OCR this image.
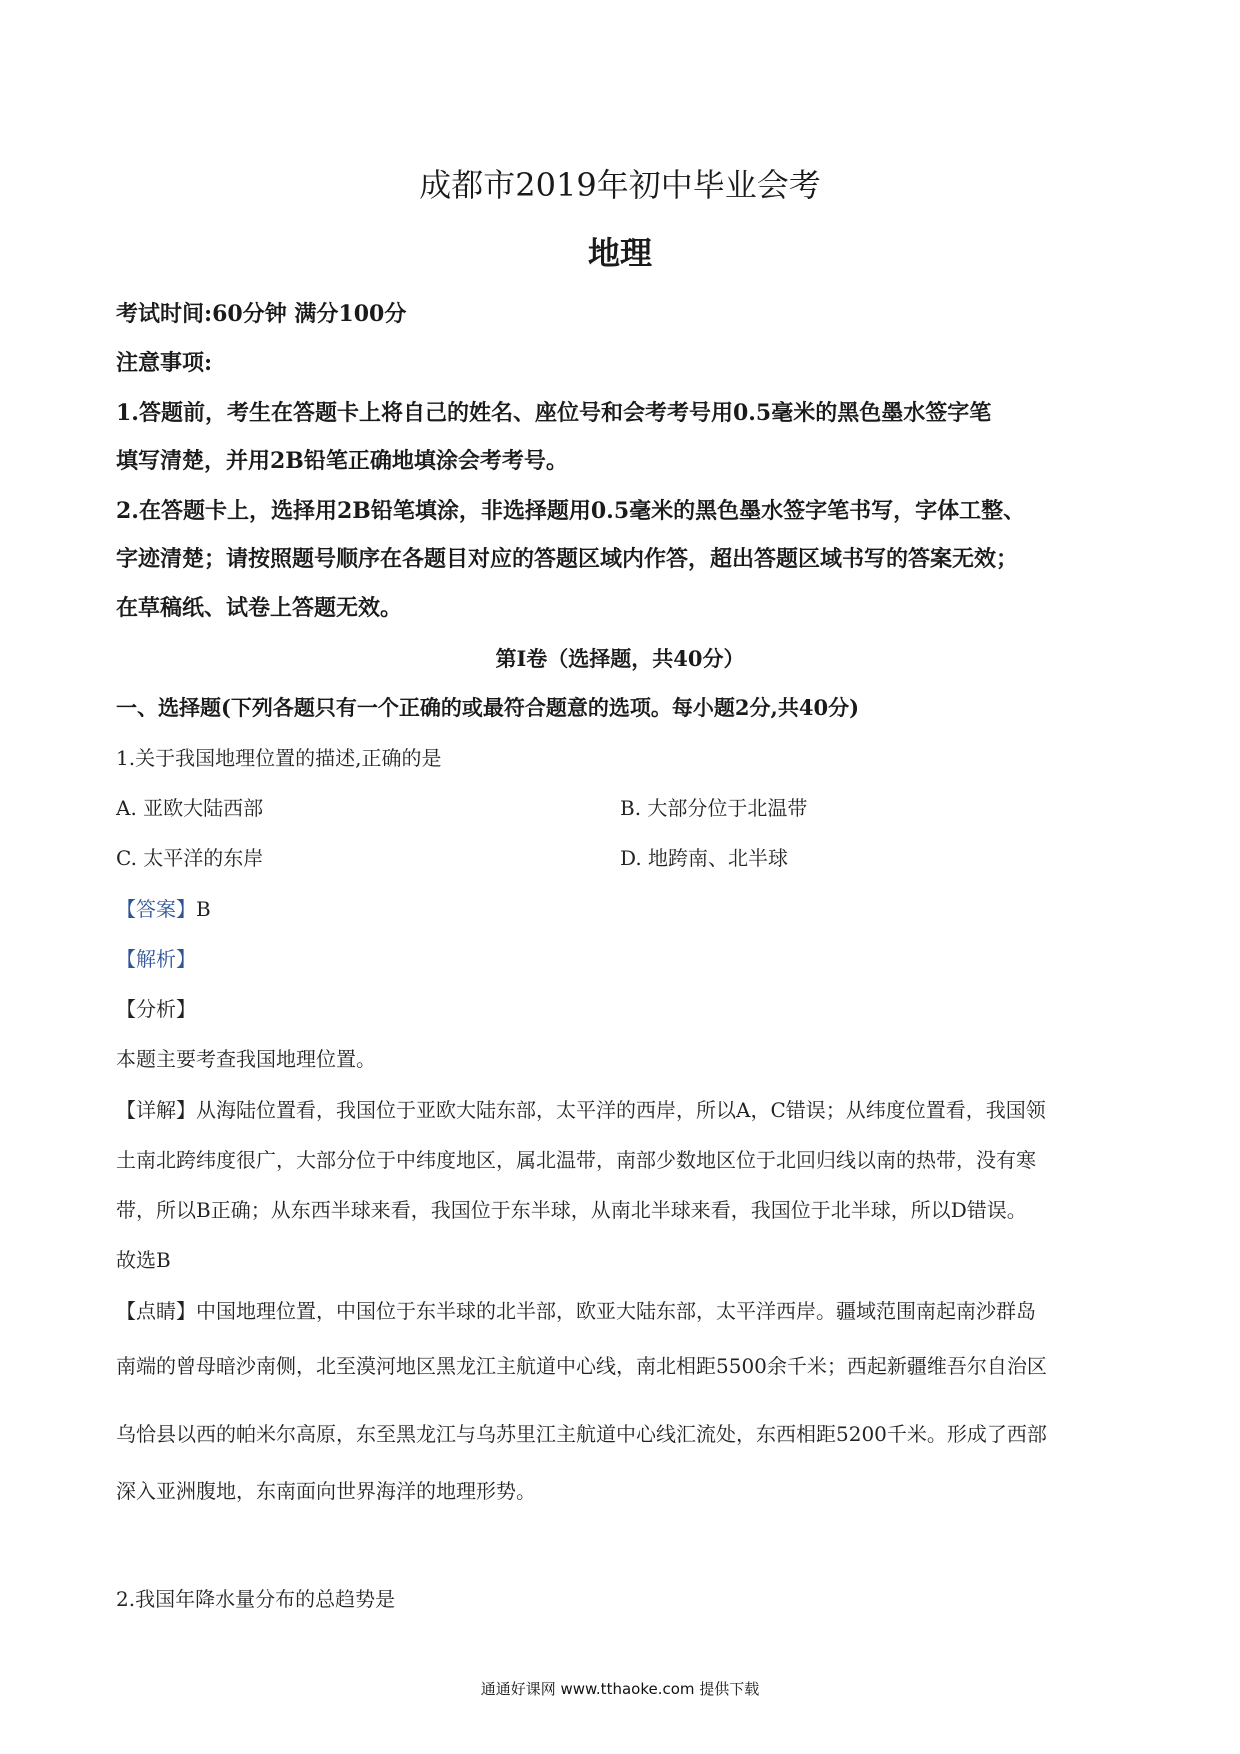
成都市2019年初中毕业会考
地理
考试时间:60分钟 满分100分
注意事项:
1.答题前，考生在答题卡上将自己的姓名、座位号和会考考号用0.5毫米的黑色墨水签字笔
填写清楚，并用2B铅笔正确地填涂会考考号。
2.在答题卡上，选择用2B铅笔填涂，非选择题用0.5毫米的黑色墨水签字笔书写，字体工整、
字迹清楚；请按照题号顺序在各题目对应的答题区域内作答，超出答题区域书写的答案无效；
在草稿纸、试卷上答题无效。
第Ⅰ卷（选择题，共40分）
一、选择题(下列各题只有一个正确的或最符合题意的选项。每小题2分,共40分)
1.关于我国地理位置的描述,正确的是
A. 亚欧大陆西部	B. 大部分位于北温带
C. 太平洋的东岸	D. 地跨南、北半球
【答案】B
【解析】
【分析】
本题主要考查我国地理位置。
【详解】从海陆位置看，我国位于亚欧大陆东部，太平洋的西岸，所以A，C错误；从纬度位置看，我国领
土南北跨纬度很广，大部分位于中纬度地区，属北温带，南部少数地区位于北回归线以南的热带，没有寒
带，所以B正确；从东西半球来看，我国位于东半球，从南北半球来看，我国位于北半球，所以D错误。
故选B
【点睛】中国地理位置，中国位于东半球的北半部，欧亚大陆东部，太平洋西岸。疆域范围南起南沙群岛
南端的曾母暗沙南侧，北至漠河地区黑龙江主航道中心线，南北相距5500余千米；西起新疆维吾尔自治区
乌恰县以西的帕米尔高原，东至黑龙江与乌苏里江主航道中心线汇流处，东西相距5200千米。形成了西部
深入亚洲腹地，东南面向世界海洋的地理形势。
2.我国年降水量分布的总趋势是
通通好课网 www.tthaoke.com 提供下载
